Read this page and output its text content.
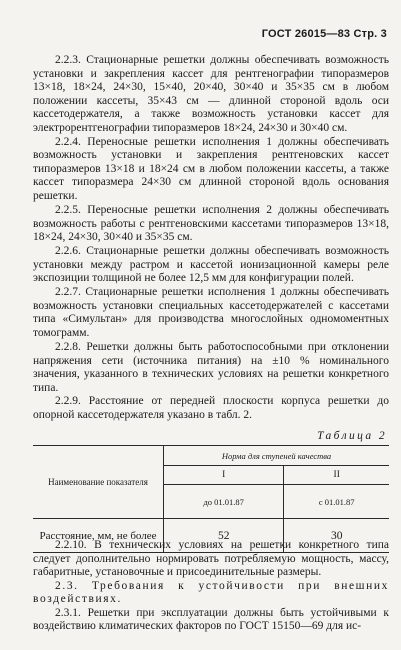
ГОСТ 26015—83 Стр. 3

2.2.3. Стационарные решетки должны обеспечивать возможность установки и закрепления кассет для рентгенографии типоразмеров 13×18, 18×24, 24×30, 15×40, 20×40, 30×40 и 35×35 см в любом положении кассеты, 35×43 см — длинной стороной вдоль оси кассетодержателя, а также возможность установки кассет для электрорентгенографии типоразмеров 18×24, 24×30 и 30×40 см.

2.2.4. Переносные решетки исполнения 1 должны обеспечивать возможность установки и закрепления рентгеновских кассет типоразмеров 13×18 и 18×24 см в любом положении кассеты, а также кассет типоразмера 24×30 см длинной стороной вдоль основания решетки.

2.2.5. Переносные решетки исполнения 2 должны обеспечивать возможность работы с рентгеновскими кассетами типоразмеров 13×18, 18×24, 24×30, 30×40 и 35×35 см.

2.2.6. Стационарные решетки должны обеспечивать возможность установки между растром и кассетой ионизационной камеры реле экспозиции толщиной не более 12,5 мм для конфигурации полей.

2.2.7. Стационарные решетки исполнения 1 должны обеспечивать возможность установки специальных кассетодержателей с кассетами типа «Симультан» для производства многослойных одномоментных томограмм.

2.2.8. Решетки должны быть работоспособными при отклонении напряжения сети (источника питания) на ±10 % номинального значения, указанного в технических условиях на решетки конкретного типа.

2.2.9. Расстояние от передней плоскости корпуса решетки до опорной кассетодержателя указано в табл. 2.

Таблица 2
Наименование показателя	Норма для ступеней качества	
	I	II
	до 01.01.87	с 01.01.87
Расстояние, мм, не более	52	30

2.2.10. В технических условиях на решетки конкретного типа следует дополнительно нормировать потребляемую мощность, массу, габаритные, установочные и присоединительные размеры.

2.3. Требования к устойчивости при внешних воздействиях.

2.3.1. Решетки при эксплуатации должны быть устойчивыми к воздействию климатических факторов по ГОСТ 15150—69 для ис-
